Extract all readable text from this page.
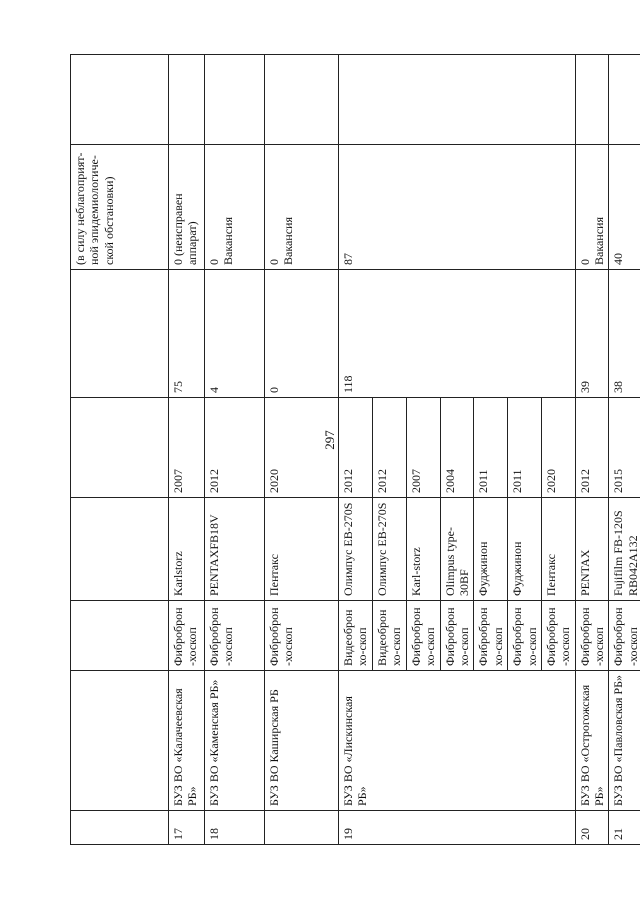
297
						(в силу неблагоприят-ной эпидемиологиче-ской обстановки)	
17	БУЗ ВО «Калачеевская РБ»	Фиброброн-хоскоп	Karlstorz	2007	75	0 (неисправен аппарат)	
18	БУЗ ВО «Каменская РБ»	Фиброброн-хоскоп	PENTAXFB18V	2012	4	0 Вакансия	

	БУЗ ВО Каширская РБ	Фиброброн-хоскоп	Пентакс	2020	0	0 Вакансия	

19	БУЗ ВО «Лискинская РБ»	Видеобронхо-скоп	Олимпус ЕВ-270S	2012	118	87	
		Видеобронхо-скоп	Олимпус ЕВ-270S	2012			
		Фибробронхо-скоп	Karl-storz	2007			
		Фибробронхо-скоп	Olimpus type-30BF	2004			
		Фибробронхо-скоп	Фуджинон	2011			
		Фибробронхо-скоп	Фуджинон	2011			
		Фиброброн-хоскоп	Пентакс	2020			
20	БУЗ ВО «Острогожская РБ»	Фиброброн-хоскоп	PENTAX	2012	39	0 Вакансия	

21	БУЗ ВО «Павловская РБ»	Фиброброн-хоскоп	Fujifilm FB-120S RB042A132	2015	38	40	
